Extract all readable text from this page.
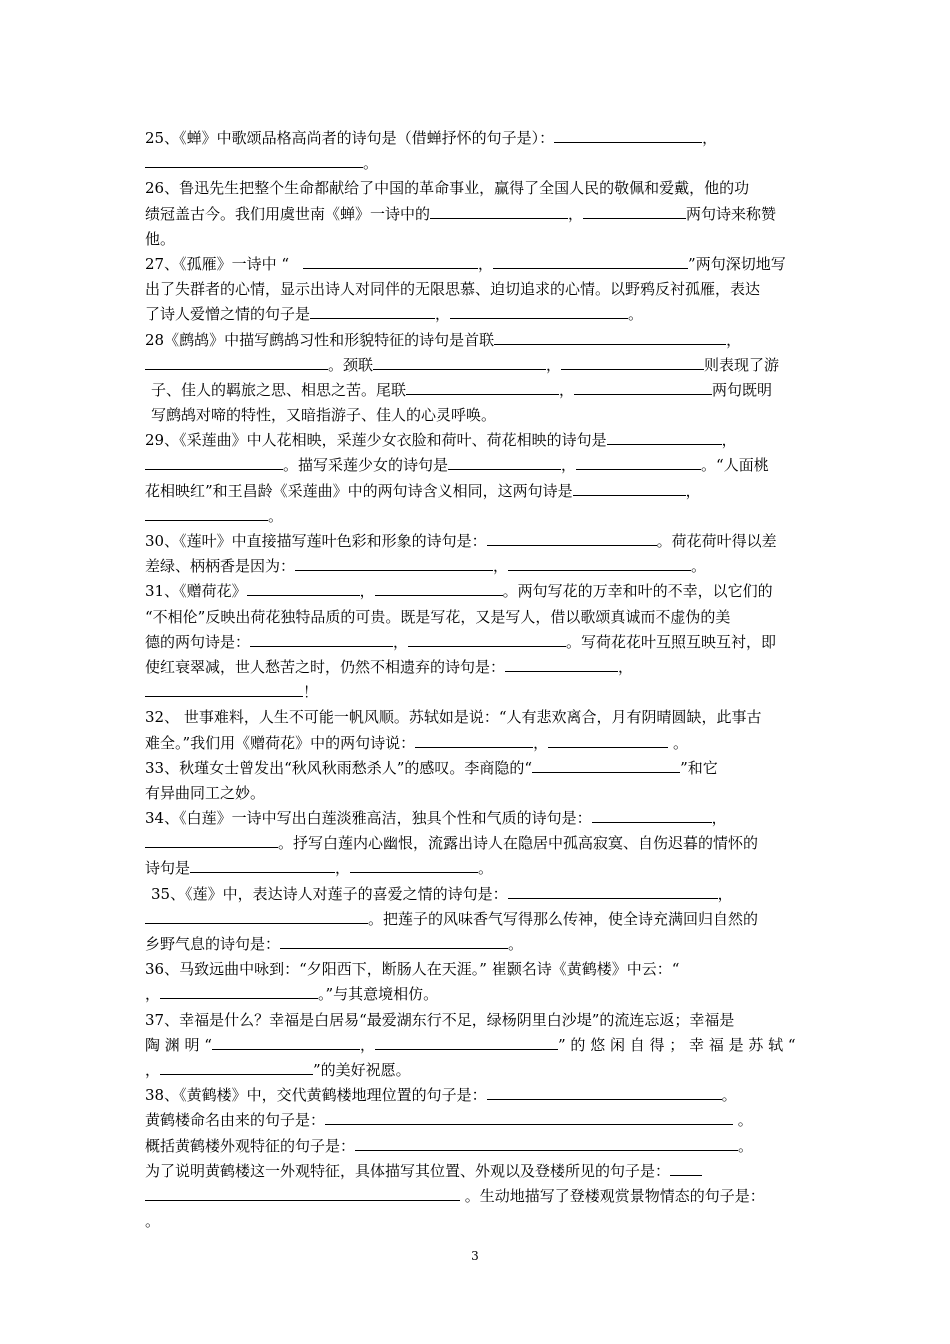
25、《蝉》中歌颂品格高尚者的诗句是（借蝉抒怀的句子是）：	，
。
26、鲁迅先生把整个生命都献给了中国的革命事业，赢得了全国人民的敬佩和爱戴，他的功
绩冠盖古今。我们用虞世南《蝉》一诗中的	，	两句诗来称赞
他。
27、《孤雁》一诗中 “	，	”两句深切地写
出了失群者的心情，显示出诗人对同伴的无限思慕、迫切追求的心情。以野鸦反衬孤雁，表达
了诗人爱憎之情的句子是	，	。
28《鹧鸪》中描写鹧鸪习性和形貌特征的诗句是首联	，
。颈联	，	则表现了游
子、佳人的羁旅之思、相思之苦。尾联	，	两句既明
写鹧鸪对啼的特性，又暗指游子、佳人的心灵呼唤。
29、《采莲曲》中人花相映，采莲少女衣脸和荷叶、荷花相映的诗句是	，
。描写采莲少女的诗句是	，	。“人面桃
花相映红”和王昌龄《采莲曲》中的两句诗含义相同，这两句诗是	，
。
30、《莲叶》中直接描写莲叶色彩和形象的诗句是：	。荷花荷叶得以差
差绿、柄柄香是因为：	，	。
31、《赠荷花》	，	。两句写花的万幸和叶的不幸，以它们的
“不相伦”反映出荷花独特品质的可贵。既是写花，又是写人，借以歌颂真诚而不虚伪的美
德的两句诗是：	，	。写荷花花叶互照互映互衬，即
使红衰翠减，世人愁苦之时，仍然不相遗弃的诗句是：	，
！
32、 世事难料，人生不可能一帆风顺。苏轼如是说：“人有悲欢离合，月有阴晴圆缺，此事古
难全。”我们用《赠荷花》中的两句诗说：	，	。
33、秋瑾女士曾发出“秋风秋雨愁杀人”的感叹。李商隐的“	”和它
有异曲同工之妙。
34、《白莲》一诗中写出白莲淡雅高洁，独具个性和气质的诗句是：	，
。抒写白莲内心幽恨，流露出诗人在隐居中孤高寂寞、自伤迟暮的情怀的
诗句是	，	。
35、《莲》中，表达诗人对莲子的喜爱之情的诗句是：	，
。把莲子的风味香气写得那么传神，使全诗充满回归自然的
乡野气息的诗句是：	。
36、马致远曲中咏到：“夕阳西下，断肠人在天涯。” 崔颢名诗《黄鹤楼》中云：“
，	。”与其意境相仿。
37、幸福是什么？幸福是白居易“最爱湖东行不足，绿杨阴里白沙堤”的流连忘返；幸福是
陶 渊 明 “	，	” 的 悠 闲 自 得 ； 幸 福 是 苏 轼 “
，	”的美好祝愿。
38、《黄鹤楼》中，交代黄鹤楼地理位置的句子是：	。
黄鹤楼命名由来的句子是：	。
概括黄鹤楼外观特征的句子是：	。
为了说明黄鹤楼这一外观特征，具体描写其位置、外观以及登楼所见的句子是：
。生动地描写了登楼观赏景物情态的句子是：
。
3
